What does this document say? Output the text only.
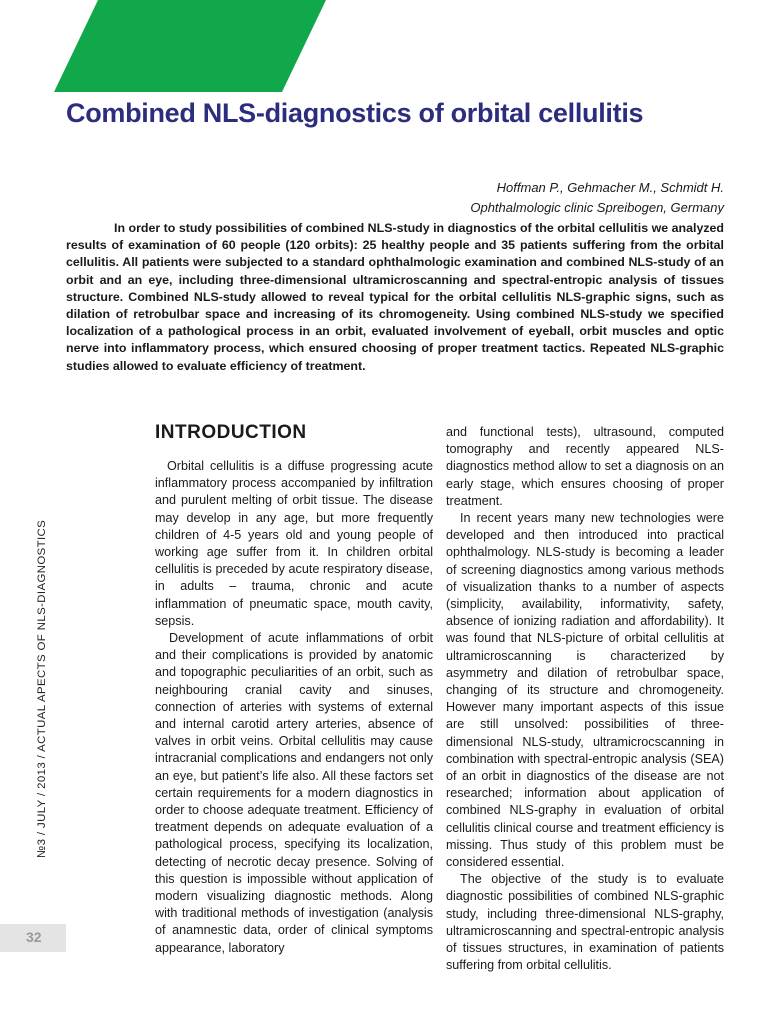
Combined NLS-diagnostics of orbital cellulitis
Hoffman P., Gehmacher M., Schmidt H.
Ophthalmologic clinic Spreibogen, Germany

In order to study possibilities of combined NLS-study in diagnostics of the orbital cellulitis we analyzed results of examination of 60 people (120 orbits): 25 healthy people and 35 patients suffering from the orbital cellulitis. All patients were subjected to a standard ophthalmologic examination and combined NLS-study of an orbit and an eye, including three-dimensional ultramicroscanning and spectral-entropic analysis of tissues structure. Combined NLS-study allowed to reveal typical for the orbital cellulitis NLS-graphic signs, such as dilation of retrobulbar space and increasing of its chromogeneity. Using combined NLS-study we specified localization of a pathological process in an orbit, evaluated involvement of eyeball, orbit muscles and optic nerve into inflammatory process, which ensured choosing of proper treatment tactics. Repeated NLS-graphic studies allowed to evaluate efficiency of treatment.

INTRODUCTION

Orbital cellulitis is a diffuse progressing acute inflammatory process accompanied by infiltration and purulent melting of orbit tissue. The disease may develop in any age, but more frequently children of 4-5 years old and young people of working age suffer from it. In children orbital cellulitis is preceded by acute respiratory disease, in adults – trauma, chronic and acute inflammation of pneumatic space, mouth cavity, sepsis.

Development of acute inflammations of orbit and their complications is provided by anatomic and topographic peculiarities of an orbit, such as neighbouring cranial cavity and sinuses, connection of arteries with systems of external and internal carotid artery arteries, absence of valves in orbit veins. Orbital cellulitis may cause intracranial complications and endangers not only an eye, but patient’s life also. All these factors set certain requirements for a modern diagnostics in order to choose adequate treatment. Efficiency of treatment depends on adequate evaluation of a pathological process, specifying its localization, detecting of necrotic decay presence. Solving of this question is impossible without application of modern visualizing diagnostic methods. Along with traditional methods of investigation (analysis of anamnestic data, order of clinical symptoms appearance, laboratory

and functional tests), ultrasound, computed tomography and recently appeared NLS-diagnostics method allow to set a diagnosis on an early stage, which ensures choosing of proper treatment.

In recent years many new technologies were developed and then introduced into practical ophthalmology. NLS-study is becoming a leader of screening diagnostics among various methods of visualization thanks to a number of aspects (simplicity, availability, informativity, safety, absence of ionizing radiation and affordability). It was found that NLS-picture of orbital cellulitis at ultramicroscanning is characterized by asymmetry and dilation of retrobulbar space, changing of its structure and chromogeneity. However many important aspects of this issue are still unsolved: possibilities of three-dimensional NLS-study, ultramicrocscanning in combination with spectral-entropic analysis (SEA) of an orbit in diagnostics of the disease are not researched; information about application of combined NLS-graphy in evaluation of orbital cellulitis clinical course and treatment efficiency is missing. Thus study of this problem must be considered essential.

The objective of the study is to evaluate diagnostic possibilities of combined NLS-graphic study, including three-dimensional NLS-graphy, ultramicroscanning and spectral-entropic analysis of tissues structures, in examination of patients suffering from orbital cellulitis.

№3 / JULY / 2013 / ACTUAL APECTS OF NLS-DIAGNOSTICS
32
